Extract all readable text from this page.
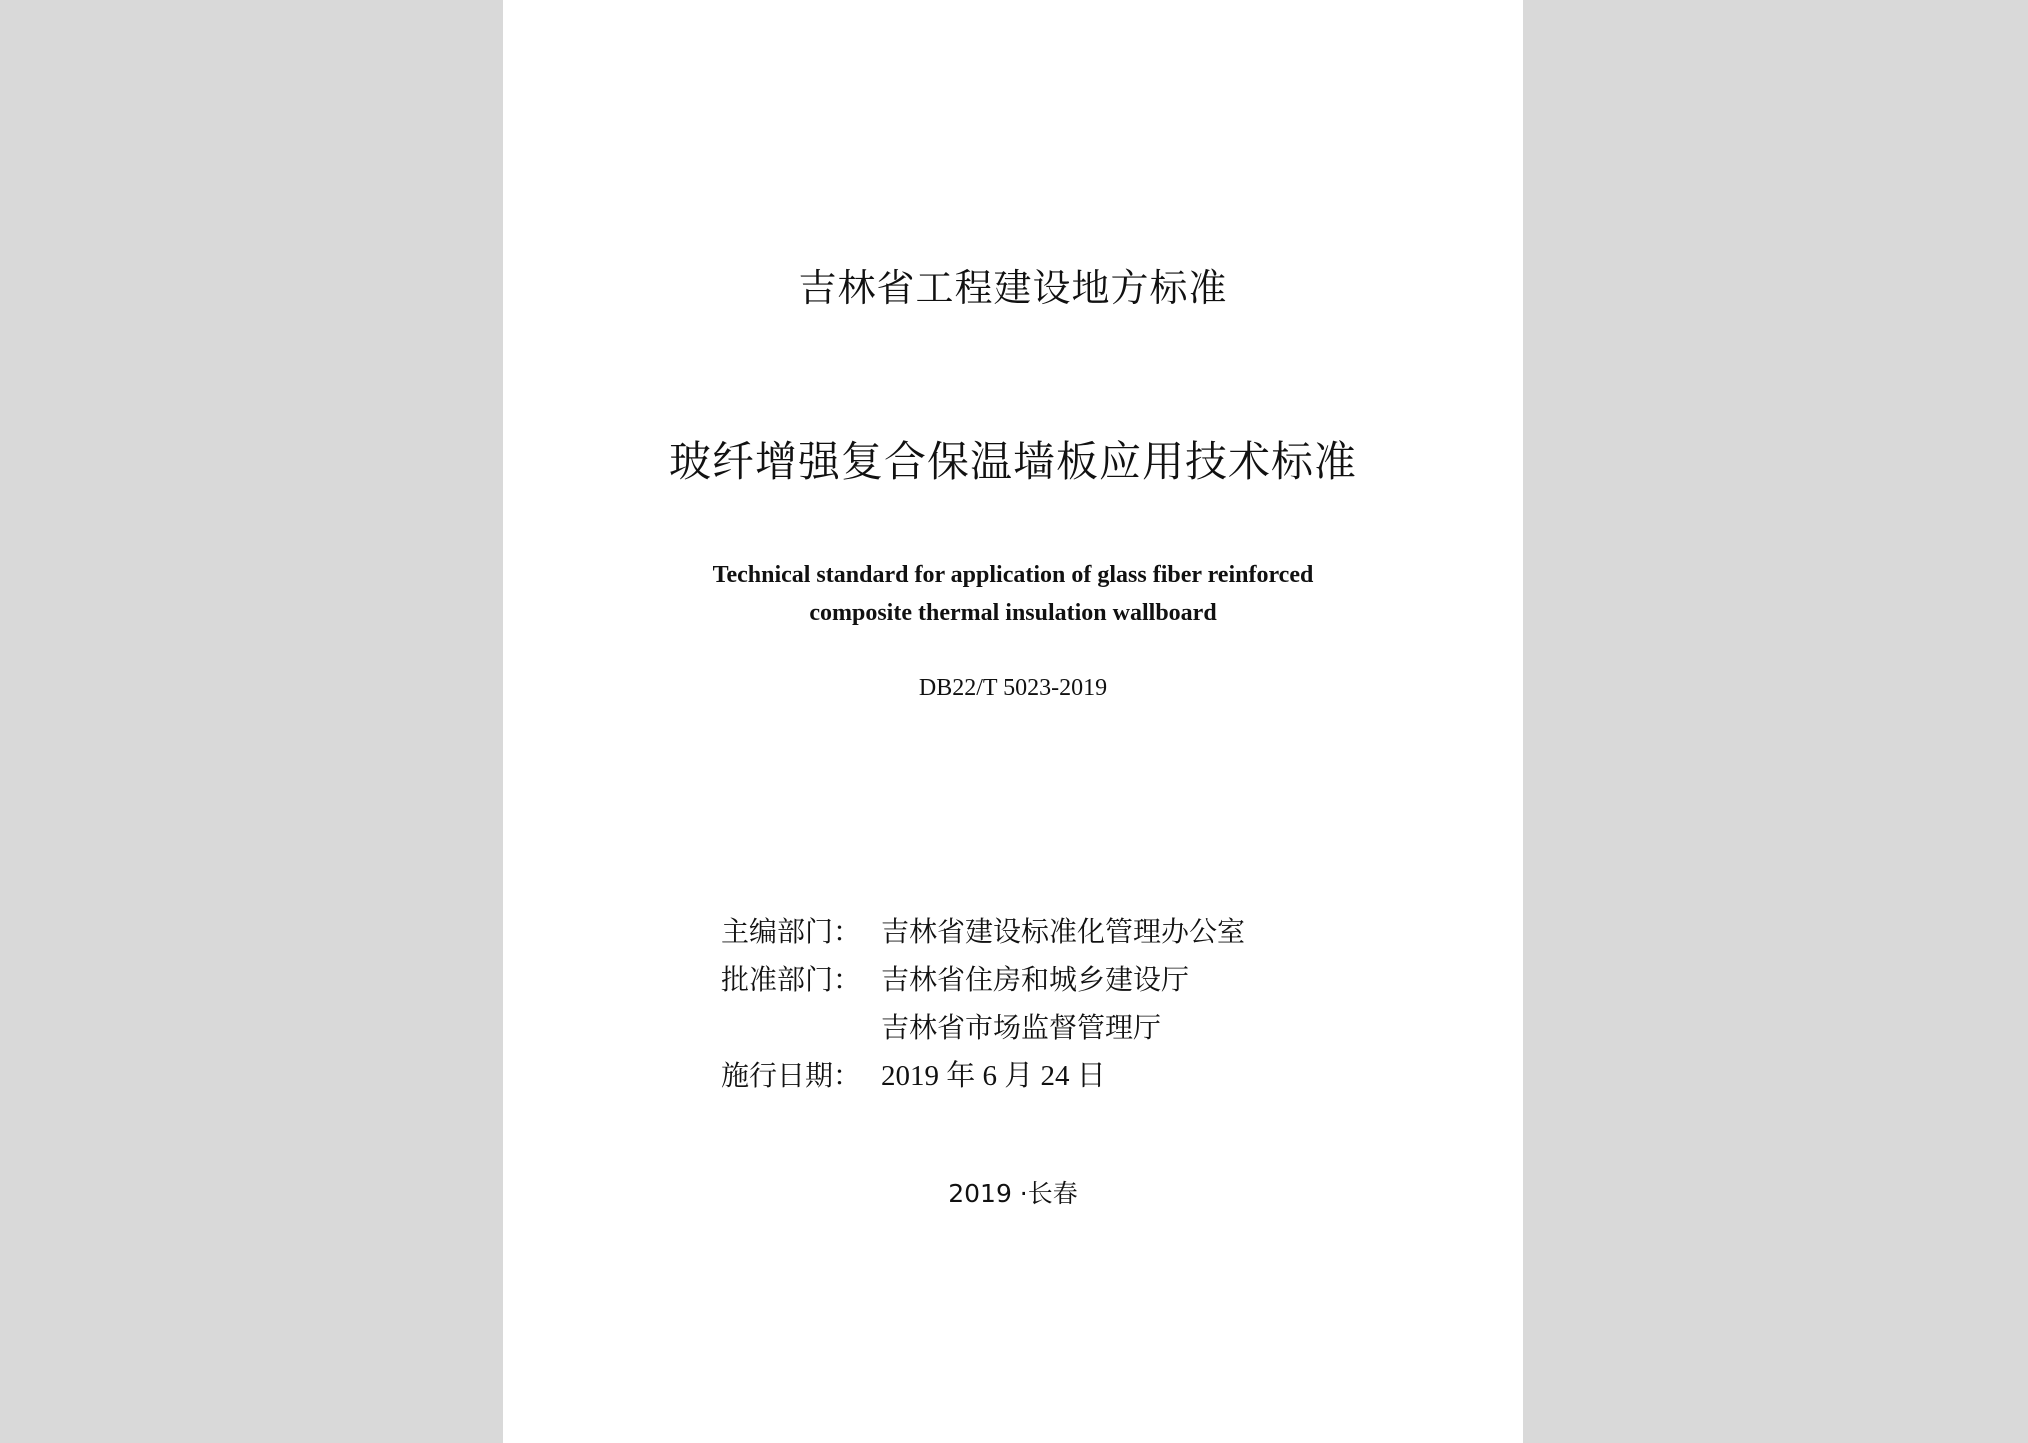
吉林省工程建设地方标准
玻纤增强复合保温墙板应用技术标准
Technical standard for application of glass fiber reinforced
composite thermal insulation wallboard
DB22/T 5023-2019
主编部门： 吉林省建设标准化管理办公室
批准部门： 吉林省住房和城乡建设厅
吉林省市场监督管理厅
施行日期： 2019 年 6 月 24 日
2019 ·长春
